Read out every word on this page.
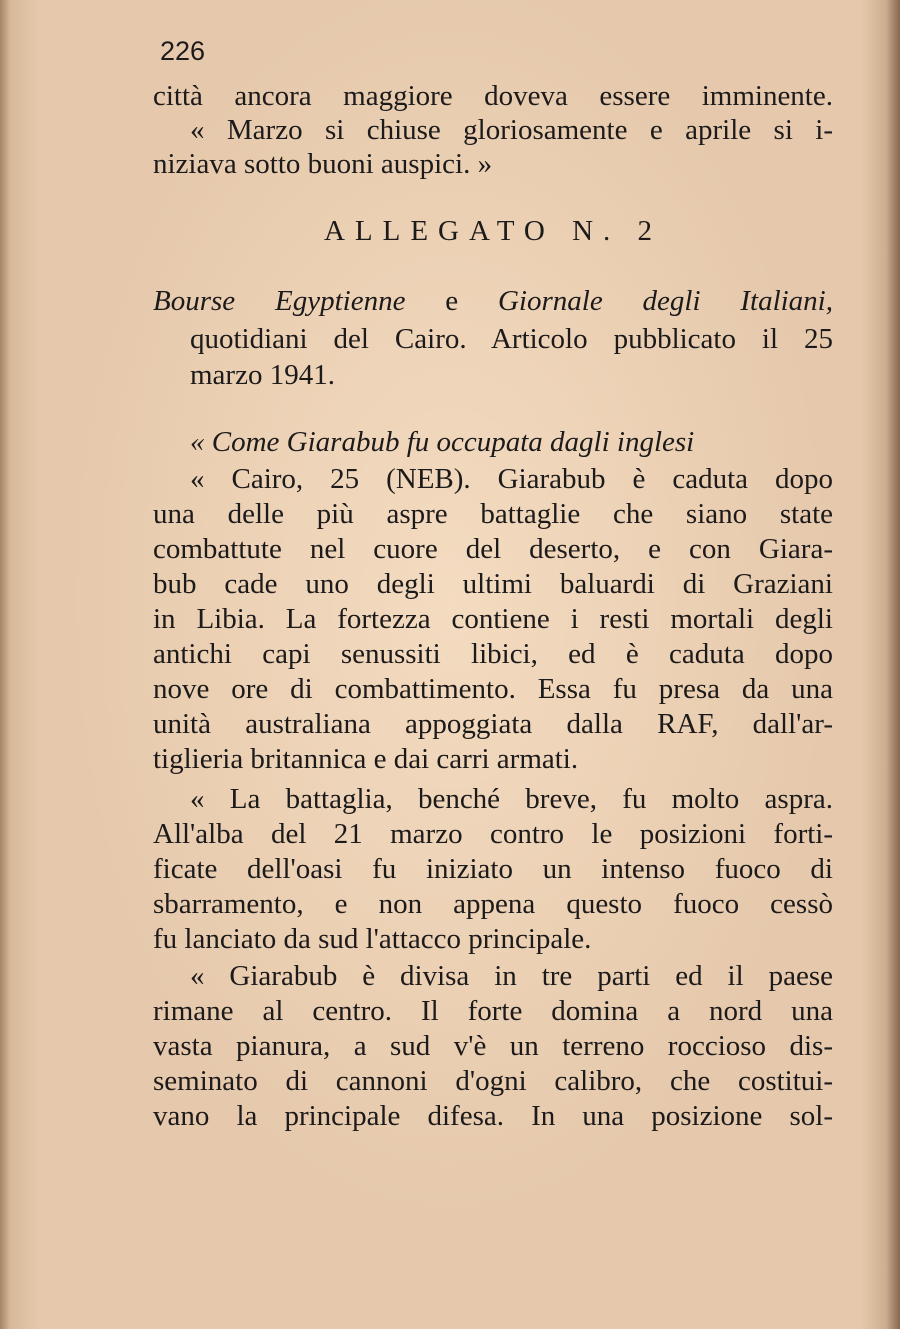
226
città ancora maggiore doveva essere imminente.
« Marzo si chiuse gloriosamente e aprile si i-
niziava sotto buoni auspici. »
ALLEGATO N. 2
Bourse Egyptienne e Giornale degli Italiani,
quotidiani del Cairo. Articolo pubblicato il 25
marzo 1941.
« Come Giarabub fu occupata dagli inglesi
« Cairo, 25 (NEB). Giarabub è caduta dopo
una delle più aspre battaglie che siano state
combattute nel cuore del deserto, e con Giara-
bub cade uno degli ultimi baluardi di Graziani
in Libia. La fortezza contiene i resti mortali degli
antichi capi senussiti libici, ed è caduta dopo
nove ore di combattimento. Essa fu presa da una
unità australiana appoggiata dalla RAF, dall'ar-
tiglieria britannica e dai carri armati.
« La battaglia, benché breve, fu molto aspra.
All'alba del 21 marzo contro le posizioni forti-
ficate dell'oasi fu iniziato un intenso fuoco di
sbarramento, e non appena questo fuoco cessò
fu lanciato da sud l'attacco principale.
« Giarabub è divisa in tre parti ed il paese
rimane al centro. Il forte domina a nord una
vasta pianura, a sud v'è un terreno roccioso dis-
seminato di cannoni d'ogni calibro, che costitui-
vano la principale difesa. In una posizione sol-
